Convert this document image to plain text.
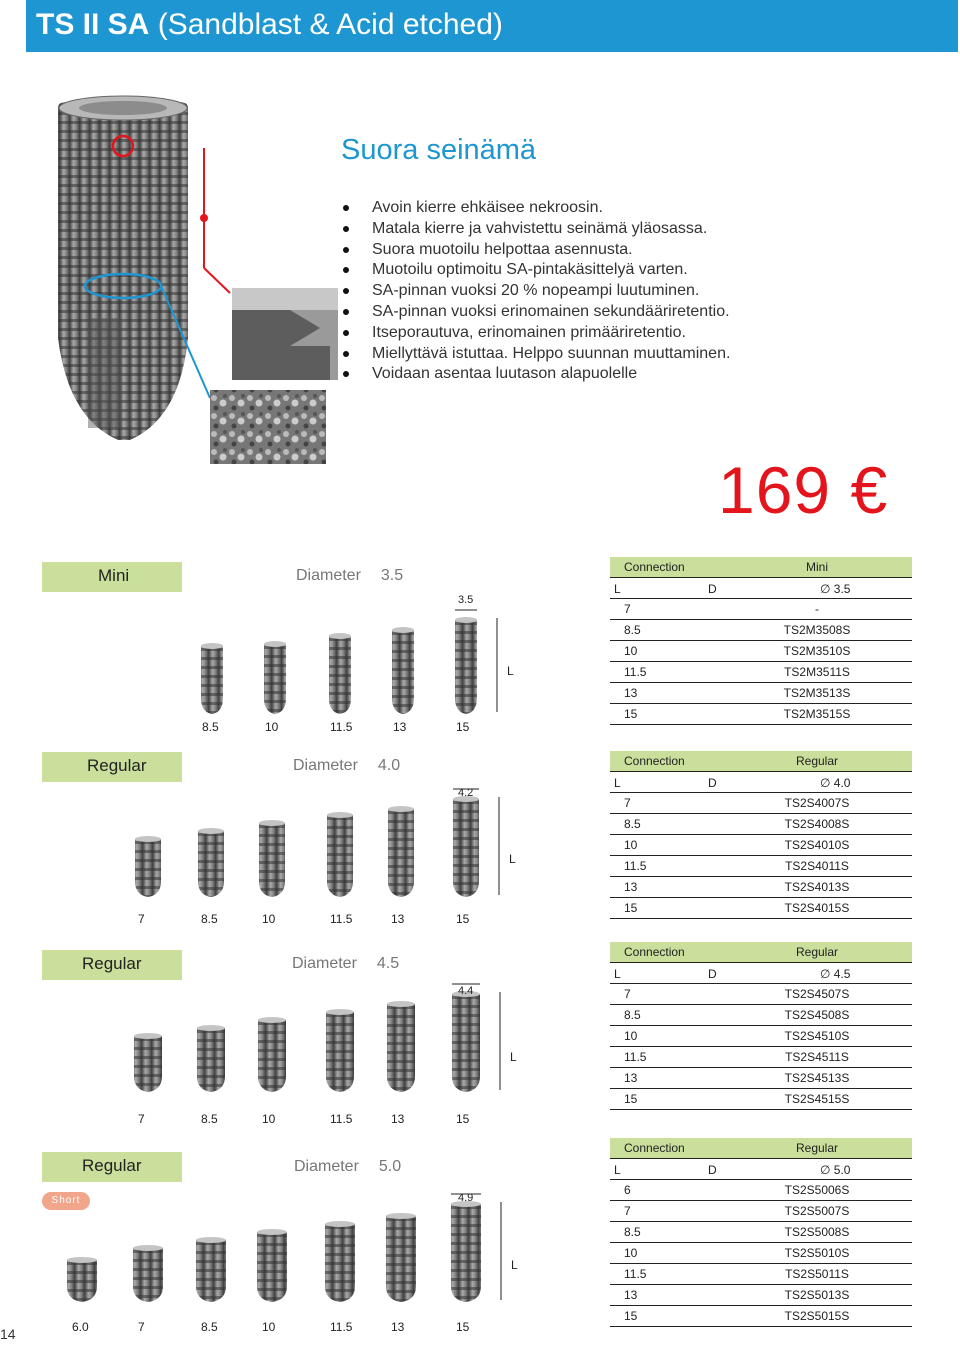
TS II SA (Sandblast & Acid etched)
Suora seinämä
Avoin kierre ehkäisee nekroosin.
Matala kierre ja vahvistettu seinämä yläosassa.
Suora muotoilu helpottaa asennusta.
Muotoilu optimoitu SA-pintakäsittelyä varten.
SA-pinnan vuoksi 20 % nopeampi luutuminen.
SA-pinnan vuoksi erinomainen sekundääriretentio.
Itseporautuva, erinomainen primääriretentio.
Miellyttävä istuttaa. Helppo suunnan muuttaminen.
Voidaan asentaa luutason alapuolelle
169 €
Mini	Diameter 3.5
8.5	10	11.5	13	15
3.5
L
Connection	Mini

L D ∅ 3.5	

7	-
8.5	TS2M3508S
10	TS2M3510S
11.5	TS2M3511S
13	TS2M3513S
15	TS2M3515S
Regular	Diameter 4.0
7	8.5	10	11.5	13	15
4.2
L
Connection	Regular

L D ∅ 4.0	

7	TS2S4007S
8.5	TS2S4008S
10	TS2S4010S
11.5	TS2S4011S
13	TS2S4013S
15	TS2S4015S
Regular	Diameter 4.5
7	8.5	10	11.5	13	15
4.4
L
Connection	Regular

L D ∅ 4.5	

7	TS2S4507S
8.5	TS2S4508S
10	TS2S4510S
11.5	TS2S4511S
13	TS2S4513S
15	TS2S4515S
Regular	Diameter 5.0
6.0	7	8.5	10	11.5	13	15
4.9
L
Connection	Regular

L D ∅ 5.0	

6	TS2S5006S
7	TS2S5007S
8.5	TS2S5008S
10	TS2S5010S
11.5	TS2S5011S
13	TS2S5013S
15	TS2S5015S
Short
14
